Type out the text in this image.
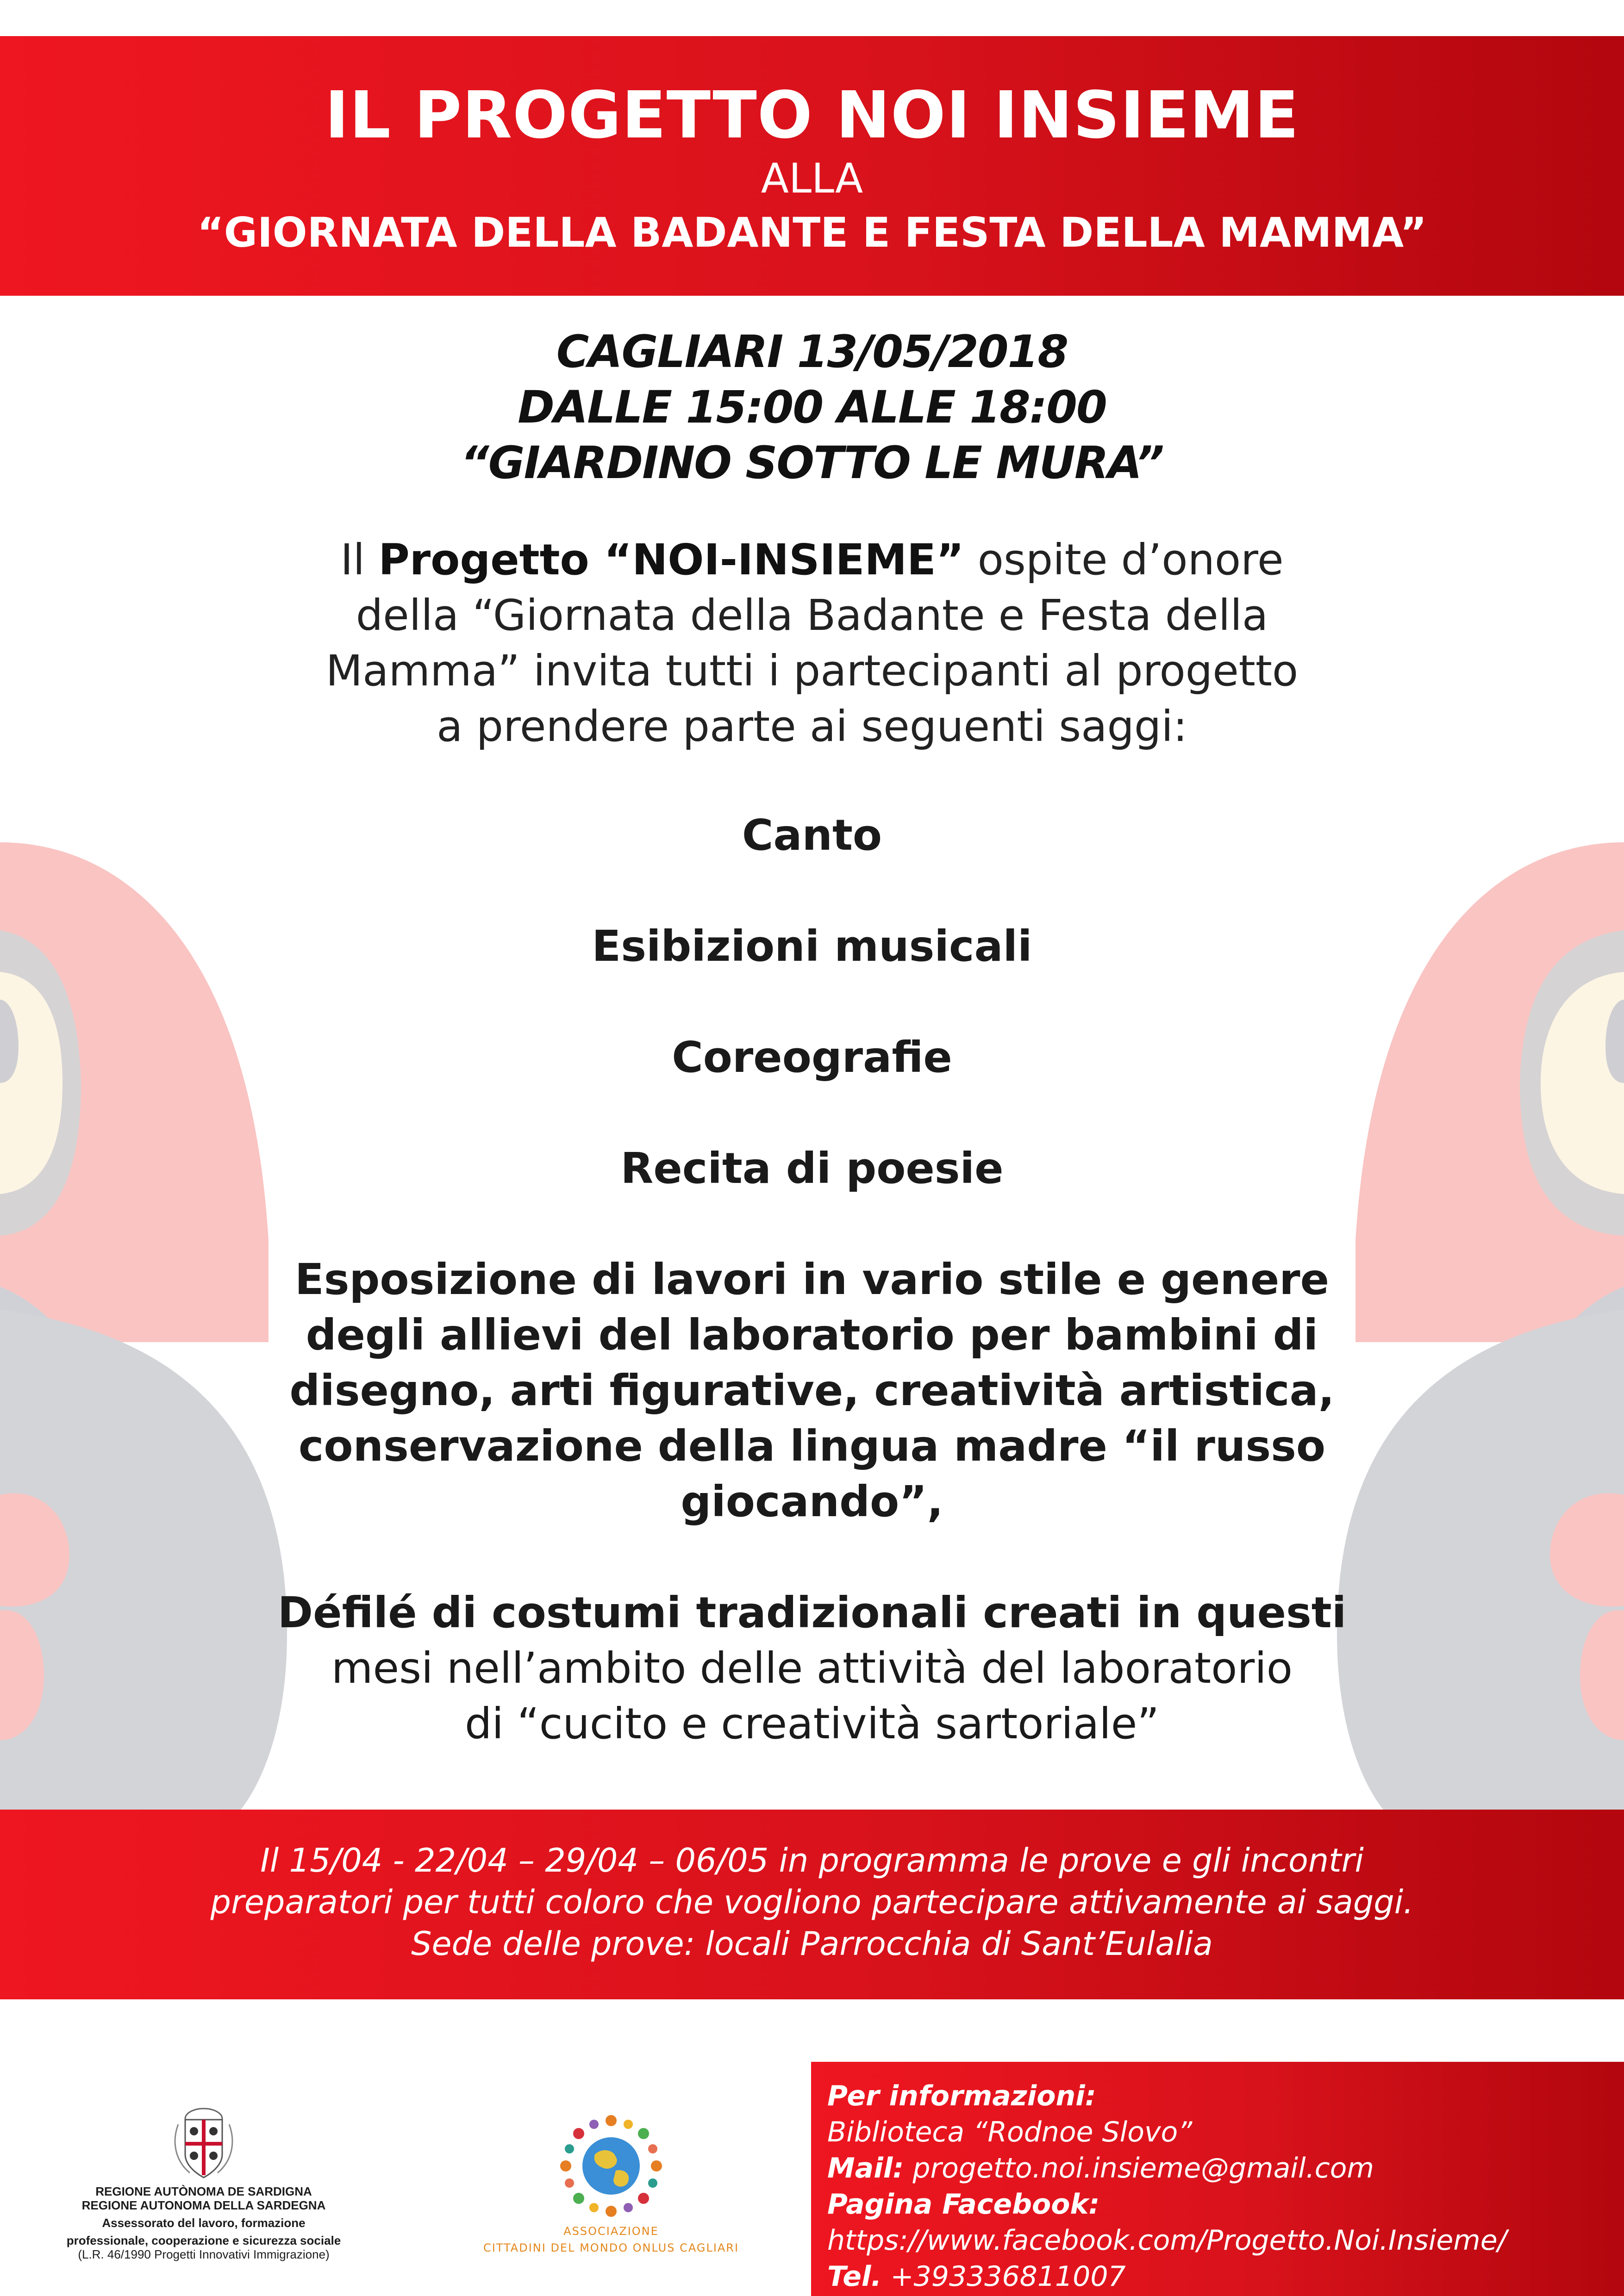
IL PROGETTO NOI INSIEME
ALLA
“GIORNATA DELLA BADANTE E FESTA DELLA MAMMA”
CAGLIARI 13/05/2018
DALLE 15:00 ALLE 18:00
“GIARDINO SOTTO LE MURA”
Il Progetto “NOI-INSIEME” ospite d’onore
della “Giornata della Badante e Festa della
Mamma” invita tutti i partecipanti al progetto
a prendere parte ai seguenti saggi:
Canto
Esibizioni musicali
Coreografie
Recita di poesie
Esposizione di lavori in vario stile e genere
degli allievi del laboratorio per bambini di
disegno, arti figurative, creatività artistica,
conservazione della lingua madre “il russo
giocando”,
Défilé di costumi tradizionali creati in questi
mesi nell’ambito delle attività del laboratorio
di “cucito e creatività sartoriale”
Il 15/04 - 22/04 – 29/04 – 06/05 in programma le prove e gli incontri
preparatori per tutti coloro che vogliono partecipare attivamente ai saggi.
Sede delle prove: locali Parrocchia di Sant’Eulalia
REGIONE AUTÒNOMA DE SARDIGNA
REGIONE AUTONOMA DELLA SARDEGNA
Assessorato del lavoro, formazione
professionale, cooperazione e sicurezza sociale
(L.R. 46/1990 Progetti Innovativi Immigrazione)
ASSOCIAZIONE
CITTADINI DEL MONDO ONLUS CAGLIARI
Per informazioni:
Biblioteca “Rodnoe Slovo”
Mail: progetto.noi.insieme@gmail.com
Pagina Facebook:
https://www.facebook.com/Progetto.Noi.Insieme/
Tel. +393336811007
